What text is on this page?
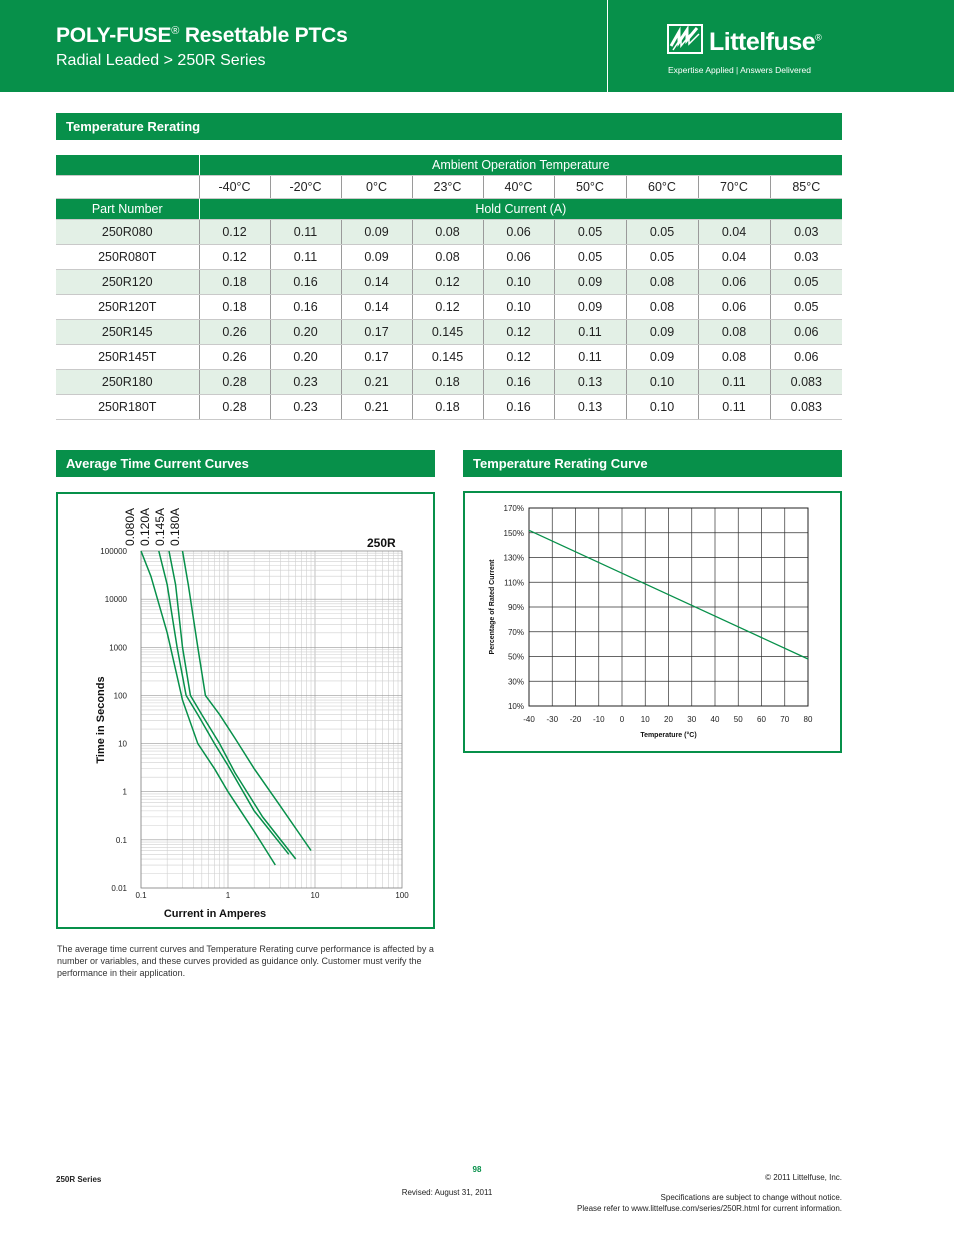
POLY-FUSE® Resettable PTCs
Radial Leaded > 250R Series
Littelfuse®
Expertise Applied | Answers Delivered
Temperature Rerating
	Ambient Operation Temperature								
	-40°C	-20°C	0°C	23°C	40°C	50°C	60°C	70°C	85°C
Part Number	Hold Current (A)								
250R080	0.12	0.11	0.09	0.08	0.06	0.05	0.05	0.04	0.03
250R080T	0.12	0.11	0.09	0.08	0.06	0.05	0.05	0.04	0.03
250R120	0.18	0.16	0.14	0.12	0.10	0.09	0.08	0.06	0.05
250R120T	0.18	0.16	0.14	0.12	0.10	0.09	0.08	0.06	0.05
250R145	0.26	0.20	0.17	0.145	0.12	0.11	0.09	0.08	0.06
250R145T	0.26	0.20	0.17	0.145	0.12	0.11	0.09	0.08	0.06
250R180	0.28	0.23	0.21	0.18	0.16	0.13	0.10	0.11	0.083
250R180T	0.28	0.23	0.21	0.18	0.16	0.13	0.10	0.11	0.083
Average Time Current Curves
100000
10000
1000
100
10
1
0.1
0.01
0.1	1	10	100
Current in Amperes
Time in Seconds
250R
0.080A 0.120A 0.145A 0.180A
Temperature Rerating Curve
170%
150%
130%
110%
90%
70%
50%
30%
10%
-40 -30 -20 -10 0 10 20 30 40 50 60 70 80
Temperature (°C)
Percentage of Rated Current
The average time current curves and Temperature Rerating curve performance is affected by a number or variables, and these curves provided as guidance only. Customer must verify the performance in their application.
250R Series
98
Revised: August 31, 2011
© 2011 Littelfuse, Inc.
Specifications are subject to change without notice.
Please refer to www.littelfuse.com/series/250R.html for current information.
